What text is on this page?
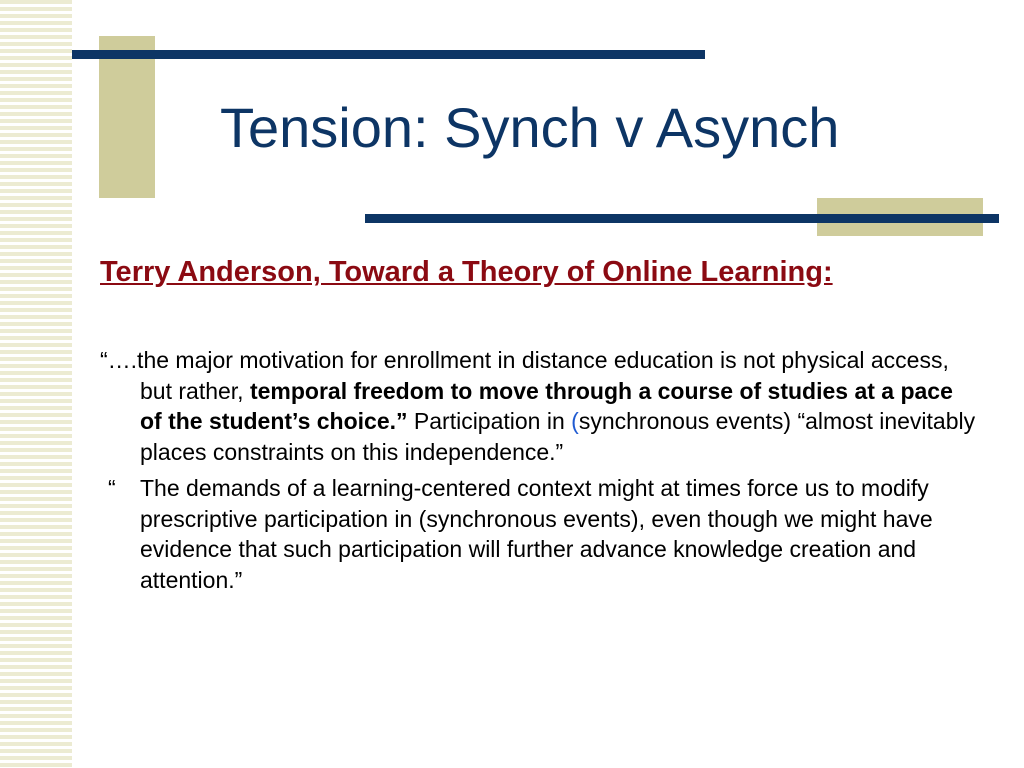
Tension: Synch v Asynch

Terry Anderson, Toward a Theory of Online Learning:

“….the major motivation for enrollment in distance education is not physical access, but rather, temporal freedom to move through a course of studies at a pace of the student’s choice.” Participation in (synchronous events) “almost inevitably places constraints on this independence.”

“ The demands of a learning-centered context might at times force us to modify prescriptive participation in (synchronous events), even though we might have evidence that such participation will further advance knowledge creation and attention.”
